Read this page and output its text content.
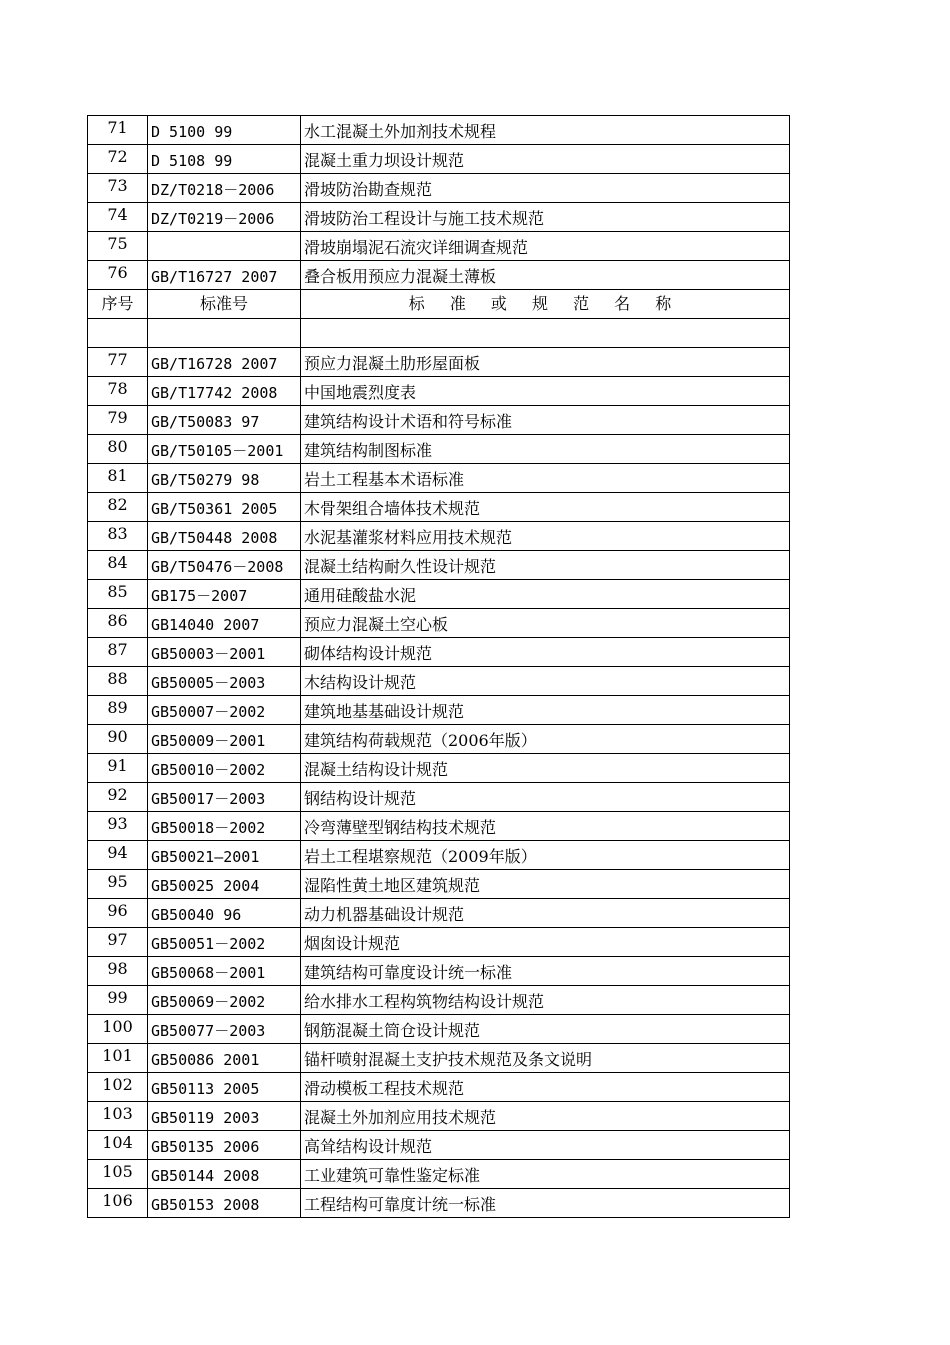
71	D 5100 99	水工混凝土外加剂技术规程
72	D 5108 99	混凝土重力坝设计规范
73	DZ/T0218－2006	滑坡防治勘查规范
74	DZ/T0219－2006	滑坡防治工程设计与施工技术规范
75		滑坡崩塌泥石流灾详细调查规范
76	GB/T16727 2007	叠合板用预应力混凝土薄板
序号	标准号	标 准 或 规 范 名 称

77	GB/T16728 2007	预应力混凝土肋形屋面板
78	GB/T17742 2008	中国地震烈度表
79	GB/T50083 97	建筑结构设计术语和符号标准
80	GB/T50105－2001	建筑结构制图标准
81	GB/T50279 98	岩土工程基本术语标准
82	GB/T50361 2005	木骨架组合墙体技术规范
83	GB/T50448 2008	水泥基灌浆材料应用技术规范
84	GB/T50476－2008	混凝土结构耐久性设计规范
85	GB175－2007	通用硅酸盐水泥
86	GB14040 2007	预应力混凝土空心板
87	GB50003－2001	砌体结构设计规范
88	GB50005－2003	木结构设计规范
89	GB50007－2002	建筑地基基础设计规范
90	GB50009－2001	建筑结构荷载规范（2006年版）
91	GB50010－2002	混凝土结构设计规范
92	GB50017－2003	钢结构设计规范
93	GB50018－2002	冷弯薄壁型钢结构技术规范
94	GB50021—2001	岩土工程堪察规范（2009年版）
95	GB50025 2004	湿陷性黄土地区建筑规范
96	GB50040 96	动力机器基础设计规范
97	GB50051－2002	烟囱设计规范
98	GB50068－2001	建筑结构可靠度设计统一标准
99	GB50069－2002	给水排水工程构筑物结构设计规范
100	GB50077－2003	钢筋混凝土筒仓设计规范
101	GB50086 2001	锚杆喷射混凝土支护技术规范及条文说明
102	GB50113 2005	滑动模板工程技术规范
103	GB50119 2003	混凝土外加剂应用技术规范
104	GB50135 2006	高耸结构设计规范
105	GB50144 2008	工业建筑可靠性鉴定标准
106	GB50153 2008	工程结构可靠度计统一标准
